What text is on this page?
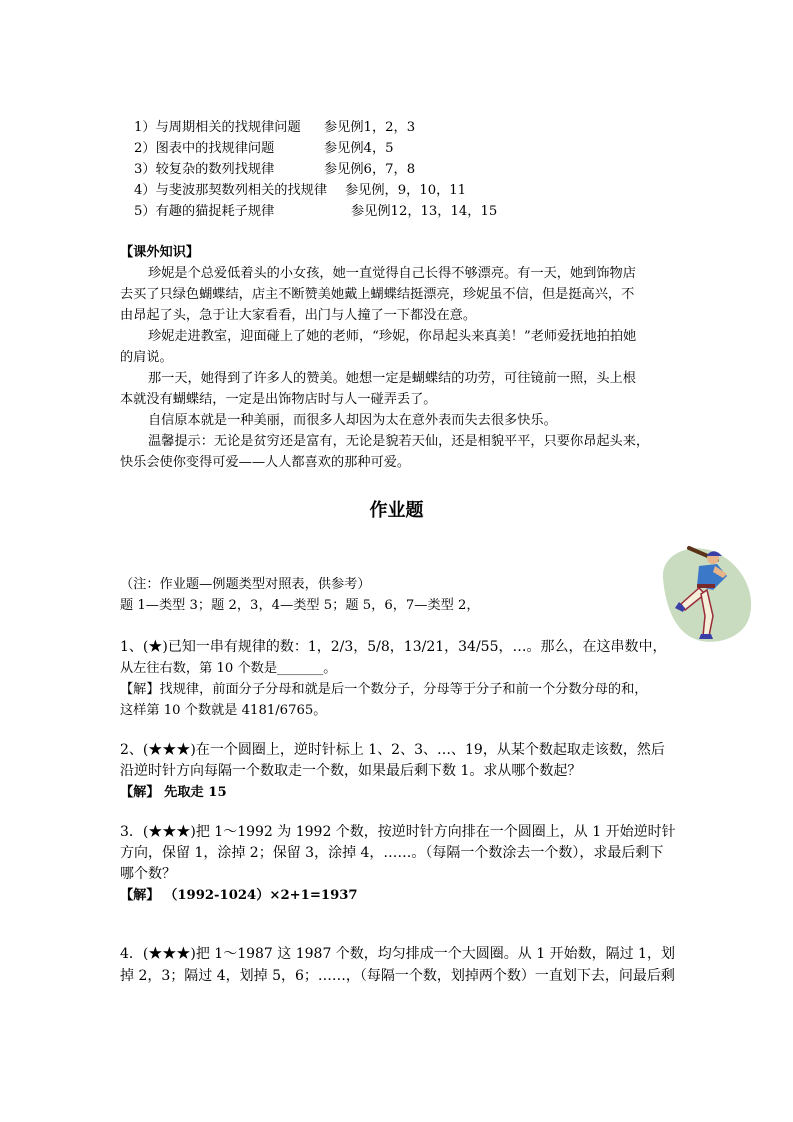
1）与周期相关的找规律问题 参见例1，2，3
2）图表中的找规律问题	参见例4，5
3）较复杂的数列找规律	参见例6，7，8
4）与斐波那契数列相关的找规律 参见例，9，10，11
5）有趣的猫捉耗子规律	参见例12，13，14，15
【课外知识】
珍妮是个总爱低着头的小女孩，她一直觉得自己长得不够漂亮。有一天，她到饰物店
去买了只绿色蝴蝶结，店主不断赞美她戴上蝴蝶结挺漂亮，珍妮虽不信，但是挺高兴，不
由昂起了头，急于让大家看看，出门与人撞了一下都没在意。
珍妮走进教室，迎面碰上了她的老师，“珍妮，你昂起头来真美！”老师爱抚地拍拍她
的肩说。
那一天，她得到了许多人的赞美。她想一定是蝴蝶结的功劳，可往镜前一照，头上根
本就没有蝴蝶结，一定是出饰物店时与人一碰弄丢了。
自信原本就是一种美丽，而很多人却因为太在意外表而失去很多快乐。
温馨提示：无论是贫穷还是富有，无论是貌若天仙，还是相貌平平，只要你昂起头来，
快乐会使你变得可爱——人人都喜欢的那种可爱。
作业题
（注：作业题—例题类型对照表，供参考）
题 1—类型 3；题 2，3，4—类型 5；题 5，6，7—类型 2，
1、(★)已知一串有规律的数：1，2/3，5/8，13/21，34/55，…。那么，在这串数中，
从左往右数，第 10 个数是_______。
【解】找规律，前面分子分母和就是后一个数分子，分母等于分子和前一个分数分母的和，
这样第 10 个数就是 4181/6765。
2、(★★★)在一个圆圈上，逆时针标上 1、2、3、…、19，从某个数起取走该数，然后
沿逆时针方向每隔一个数取走一个数，如果最后剩下数 1。求从哪个数起？
【解】 先取走 15
3．(★★★)把 1～1992 为 1992 个数，按逆时针方向排在一个圆圈上，从 1 开始逆时针
方向，保留 1，涂掉 2；保留 3，涂掉 4，……。（每隔一个数涂去一个数），求最后剩下
哪个数？
【解】 （1992-1024）×2+1=1937
4．(★★★)把 1～1987 这 1987 个数，均匀排成一个大圆圈。从 1 开始数，隔过 1，划
掉 2，3；隔过 4，划掉 5，6；……，（每隔一个数，划掉两个数）一直划下去，问最后剩
